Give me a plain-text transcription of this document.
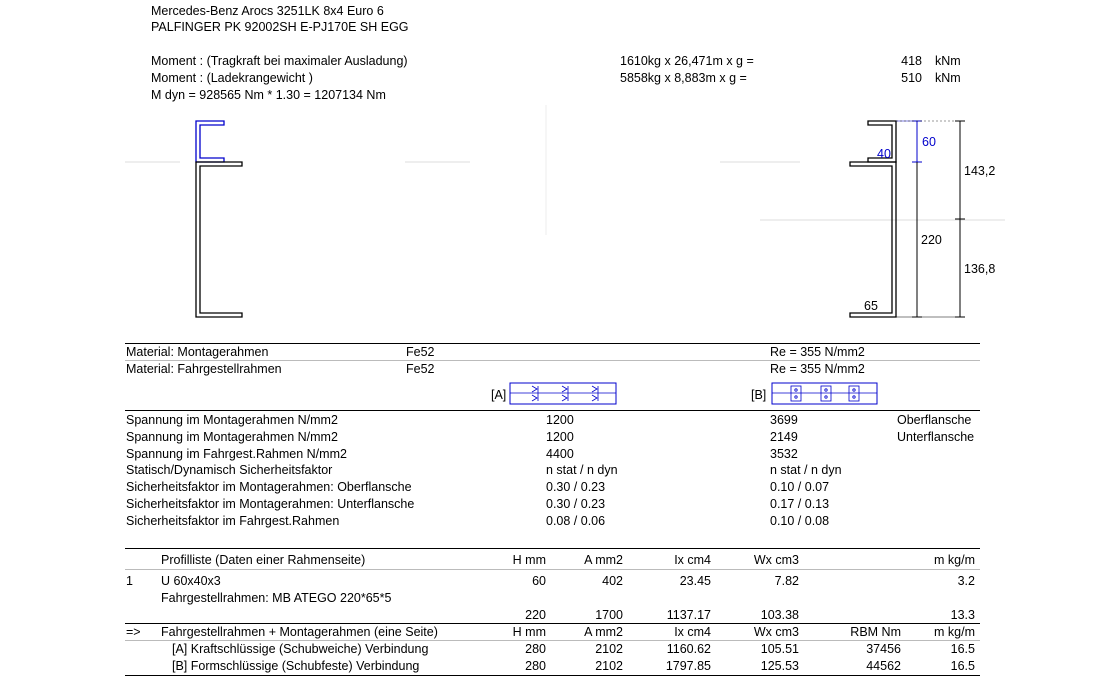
Mercedes-Benz Arocs 3251LK 8x4 Euro 6
PALFINGER PK 92002SH E-PJ170E SH EGG
Moment : (Tragkraft bei maximaler Ausladung)	1610kg x 26,471m x g =	418 kNm
Moment : (Ladekrangewicht )	5858kg x 8,883m x g =	510 kNm
M dyn = 928565 Nm * 1.30 = 1207134 Nm
60
40
143,2
220
136,8
65
Material: Montagerahmen	Fe52	Re = 355 N/mm2
Material: Fahrgestellrahmen	Fe52	Re = 355 N/mm2
[A]	[B]
Spannung im Montagerahmen N/mm2	1200	3699	Oberflansche
Spannung im Montagerahmen N/mm2	1200	2149	Unterflansche
Spannung im Fahrgest.Rahmen N/mm2	4400	3532
Statisch/Dynamisch Sicherheitsfaktor	n stat / n dyn	n stat / n dyn
Sicherheitsfaktor im Montagerahmen: Oberflansche	0.30 / 0.23	0.10 / 0.07
Sicherheitsfaktor im Montagerahmen: Unterflansche	0.30 / 0.23	0.17 / 0.13
Sicherheitsfaktor im Fahrgest.Rahmen	0.08 / 0.06	0.10 / 0.08
Profilliste (Daten einer Rahmenseite)	H mm	A mm2	Ix cm4	Wx cm3	m kg/m
1 U 60x40x3	60	402	23.45	7.82	3.2
Fahrgestellrahmen: MB ATEGO 220*65*5
220	1700	1137.17	103.38	13.3
=> Fahrgestellrahmen + Montagerahmen (eine Seite)	H mm	A mm2	Ix cm4	Wx cm3	RBM Nm	m kg/m
[A] Kraftschlüssige (Schubweiche) Verbindung	280	2102	1160.62	105.51	37456	16.5
[B] Formschlüssige (Schubfeste) Verbindung	280	2102	1797.85	125.53	44562	16.5
